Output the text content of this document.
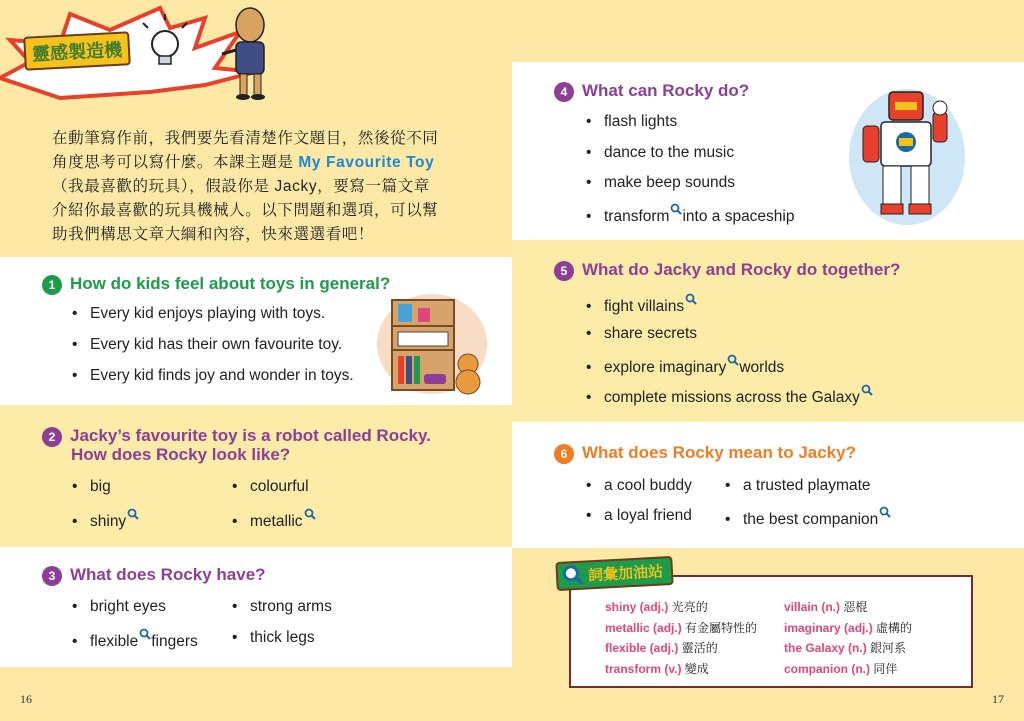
靈感製造機
在動筆寫作前，我們要先看清楚作文題目，然後從不同
角度思考可以寫什麼。本課主題是 My Favourite Toy
（我最喜歡的玩具），假設你是 Jacky，要寫一篇文章
介紹你最喜歡的玩具機械人。以下問題和選項，可以幫
助我們構思文章大綱和內容，快來選選看吧！
1 How do kids feel about toys in general?
• Every kid enjoys playing with toys.
• Every kid has their own favourite toy.
• Every kid finds joy and wonder in toys.
2 Jacky’s favourite toy is a robot called Rocky.
How does Rocky look like?
• big	• colourful
• shiny	• metallic
3 What does Rocky have?
• bright eyes	• strong arms
• flexible fingers	• thick legs
16
4 What can Rocky do?
• flash lights
• dance to the music
• make beep sounds
• transform into a spaceship
5 What do Jacky and Rocky do together?
• fight villains
• share secrets
• explore imaginary worlds
• complete missions across the Galaxy
6 What does Rocky mean to Jacky?
• a cool buddy	• a trusted playmate
• a loyal friend	• the best companion
17
shiny (adj.) 光亮的
metallic (adj.) 有金屬特性的
flexible (adj.) 靈活的
transform (v.) 變成
villain (n.) 惡棍
imaginary (adj.) 虛構的
the Galaxy (n.) 銀河系
companion (n.) 同伴
詞彙加油站
